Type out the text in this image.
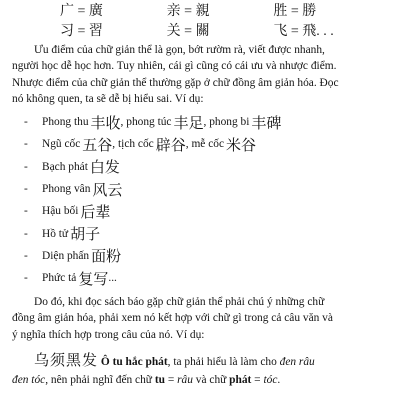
广 = 廣	亲 = 親	胜 = 勝
习 = 習	关 = 關	飞 = 飛. . .
Ưu điểm của chữ giản thể là gọn, bớt rườm rà, viết được nhanh,
người học dễ học hơn. Tuy nhiên, cái gì cũng có cái ưu và nhược điểm.
Nhược điểm của chữ giản thể thường gặp ở chữ đồng âm giản hóa. Đọc
nó không quen, ta sẽ dễ bị hiểu sai. Ví dụ:
- Phong thu 丰收 , phong túc 丰足 , phong bi 丰碑
- Ngũ cốc 五谷 , tịch cốc 辟谷 , mễ cốc 米谷
- Bạch phát 白发
- Phong vân 风云
- Hậu bối 后辈
- Hồ tử 胡子
- Diện phấn 面粉
- Phức tả 复写 ...
Do đó, khi đọc sách báo gặp chữ giản thể phải chú ý những chữ
đồng âm giản hóa, phải xem nó kết hợp với chữ gì trong cả câu văn và
ý nghĩa thích hợp trong câu của nó. Ví dụ:
乌须黑发 Ô tu hắc phát, ta phải hiểu là làm cho đen râu
đen tóc, nên phải nghĩ đến chữ tu = râu và chữ phát = tóc.
